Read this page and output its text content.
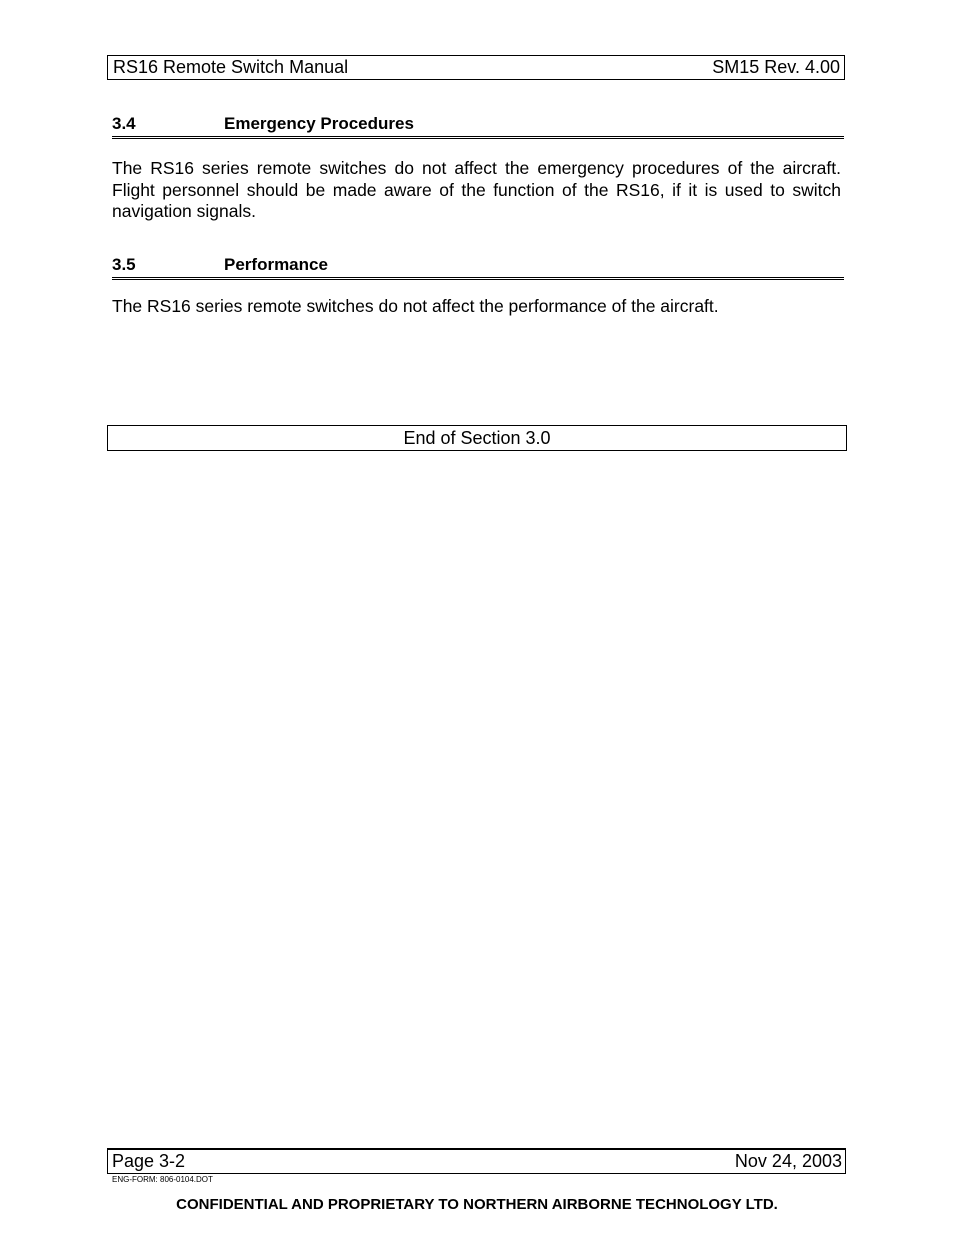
RS16 Remote Switch Manual	SM15 Rev. 4.00
3.4	Emergency Procedures

The RS16 series remote switches do not affect the emergency procedures of the aircraft. Flight personnel should be made aware of the function of the RS16, if it is used to switch navigation signals.

3.5	Performance

The RS16 series remote switches do not affect the performance of the aircraft.

End of Section 3.0
Page 3-2	Nov 24, 2003
ENG-FORM: 806-0104.DOT
CONFIDENTIAL AND PROPRIETARY TO NORTHERN AIRBORNE TECHNOLOGY LTD.
